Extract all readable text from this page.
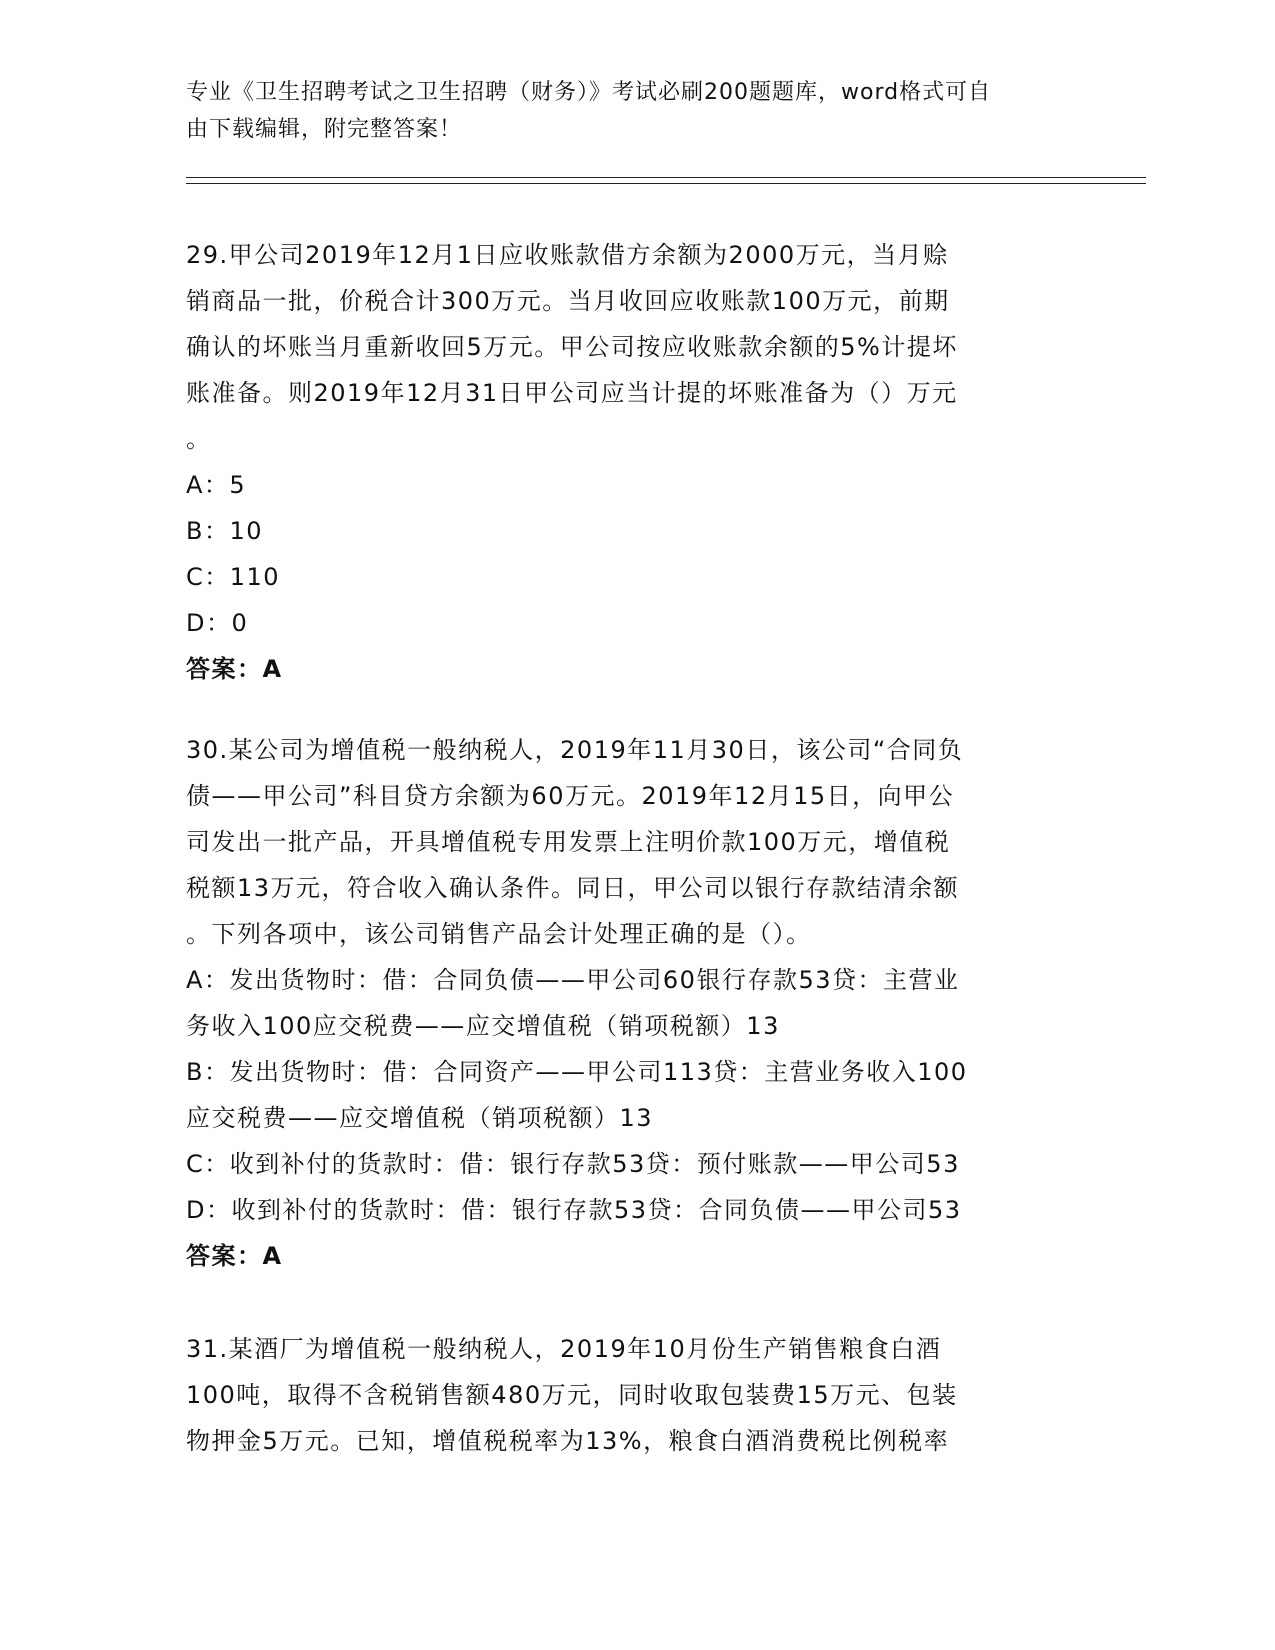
专业《卫生招聘考试之卫生招聘（财务）》考试必刷200题题库，word格式可自
由下载编辑，附完整答案！
29.甲公司2019年12月1日应收账款借方余额为2000万元，当月赊
销商品一批，价税合计300万元。当月收回应收账款100万元，前期
确认的坏账当月重新收回5万元。甲公司按应收账款余额的5%计提坏
账准备。则2019年12月31日甲公司应当计提的坏账准备为（）万元
。
A：5
B：10
C：110
D：0
答案：A
30.某公司为增值税一般纳税人，2019年11月30日，该公司“合同负
债——甲公司”科目贷方余额为60万元。2019年12月15日，向甲公
司发出一批产品，开具增值税专用发票上注明价款100万元，增值税
税额13万元，符合收入确认条件。同日，甲公司以银行存款结清余额
。下列各项中，该公司销售产品会计处理正确的是（）。
A：发出货物时：借：合同负债——甲公司60银行存款53贷：主营业
务收入100应交税费——应交增值税（销项税额）13
B：发出货物时：借：合同资产——甲公司113贷：主营业务收入100
应交税费——应交增值税（销项税额）13
C：收到补付的货款时：借：银行存款53贷：预付账款——甲公司53
D：收到补付的货款时：借：银行存款53贷：合同负债——甲公司53
答案：A
31.某酒厂为增值税一般纳税人，2019年10月份生产销售粮食白酒
100吨，取得不含税销售额480万元，同时收取包装费15万元、包装
物押金5万元。已知，增值税税率为13%，粮食白酒消费税比例税率
